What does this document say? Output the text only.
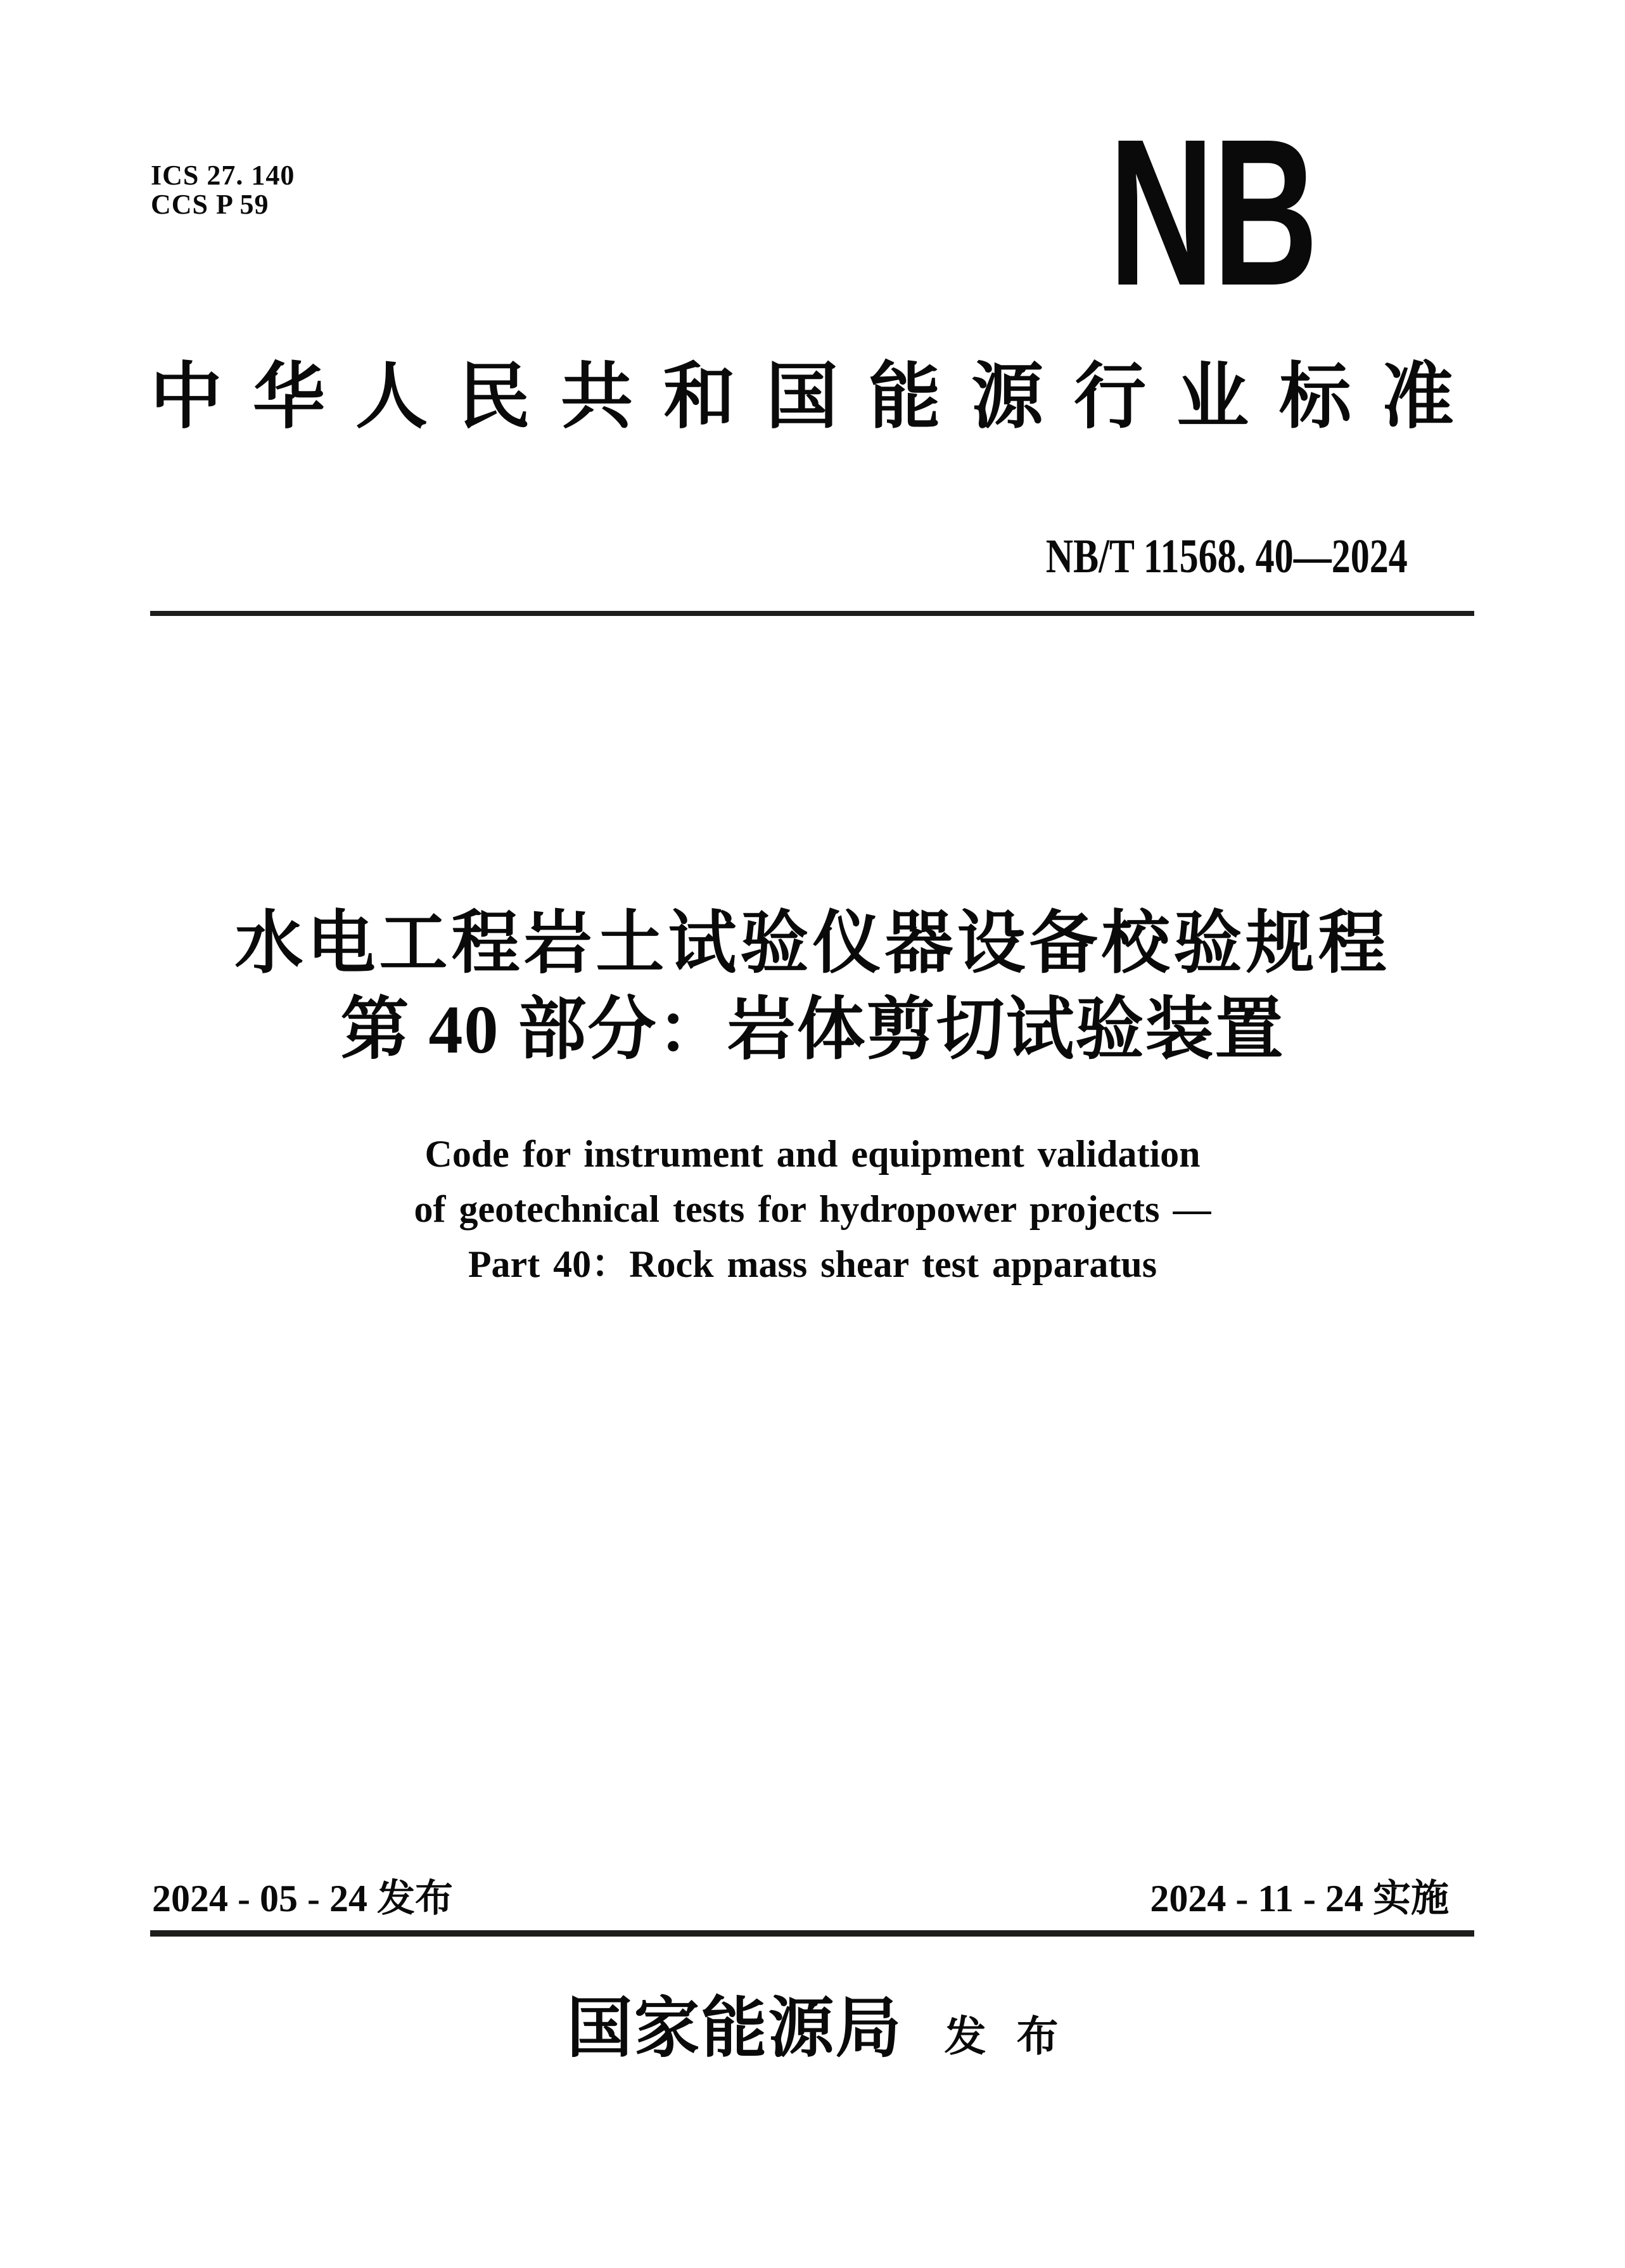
ICS 27. 140
CCS P 59	NB
中华人民共和国能源行业标准
NB/T 11568. 40—2024
水电工程岩土试验仪器设备校验规程
第 40 部分：岩体剪切试验装置
Code for instrument and equipment validation
of geotechnical tests for hydropower projects —
Part 40：Rock mass shear test apparatus
2024 - 05 - 24 发布	2024 - 11 - 24 实施
国家能源局 发布
